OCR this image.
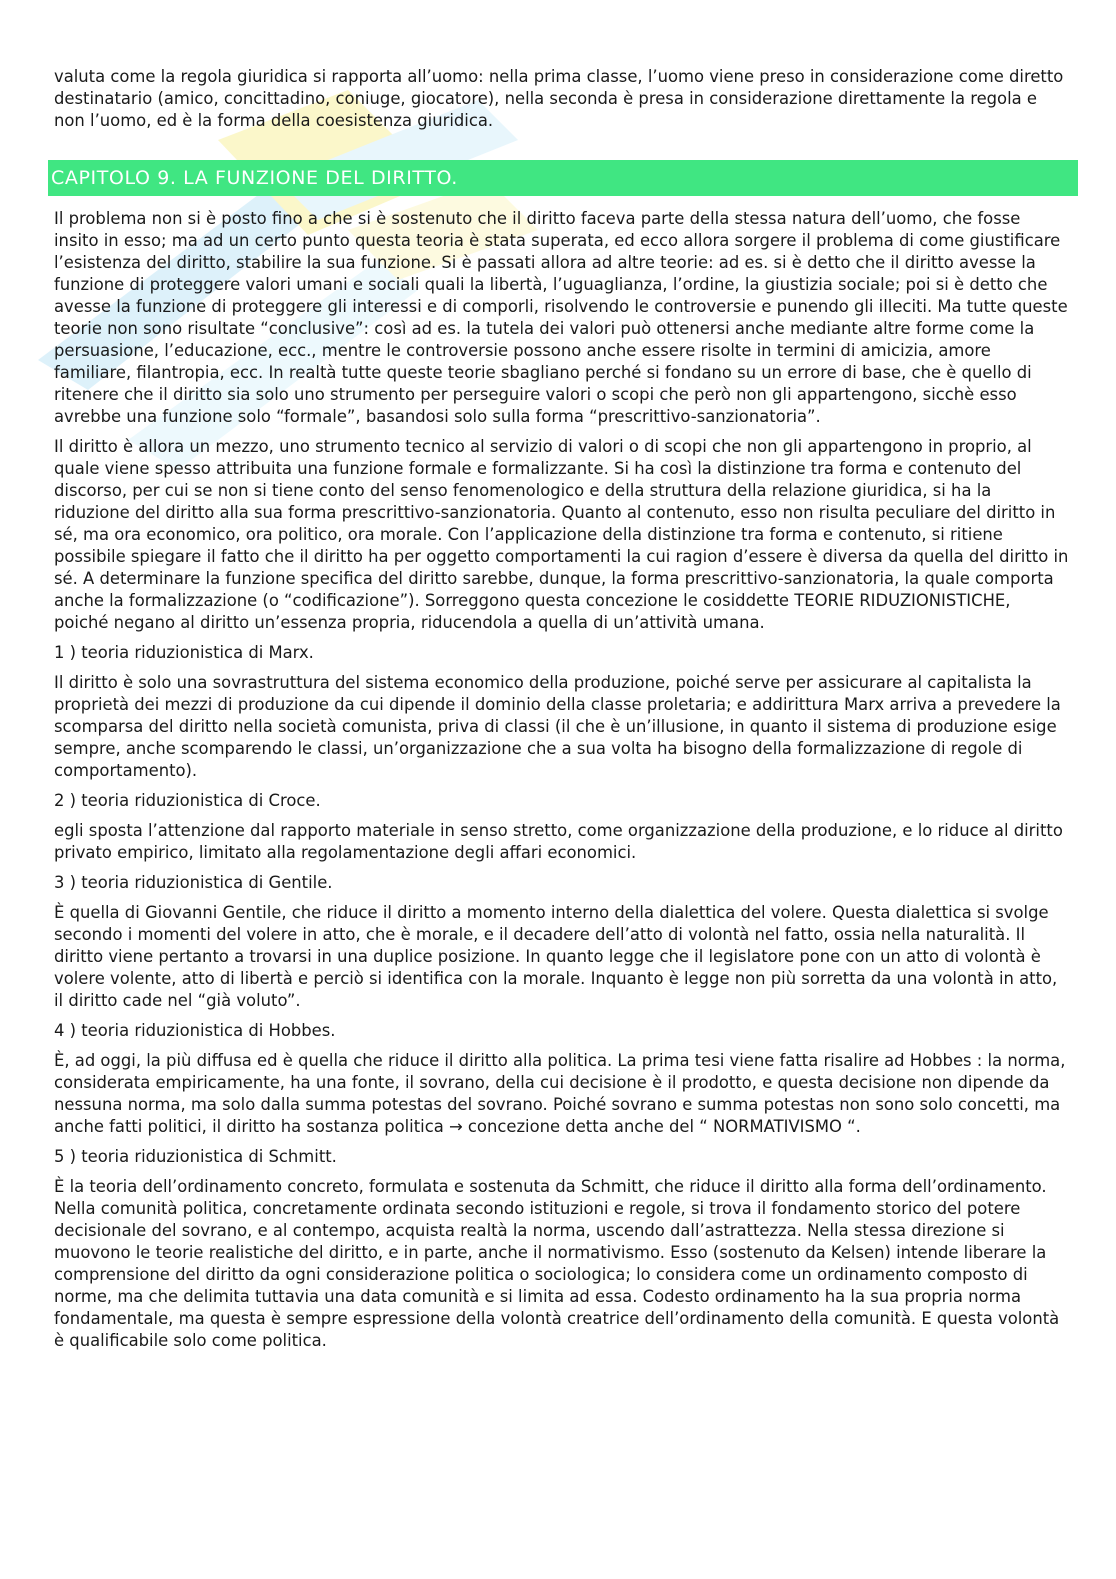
valuta come la regola giuridica si rapporta all’uomo: nella prima classe, l’uomo viene preso in considerazione come diretto destinatario (amico, concittadino, coniuge, giocatore), nella seconda è presa in considerazione direttamente la regola e non l’uomo, ed è la forma della coesistenza giuridica.

CAPITOLO 9. LA FUNZIONE DEL DIRITTO.

Il problema non si è posto fino a che si è sostenuto che il diritto faceva parte della stessa natura dell’uomo, che fosse insito in esso; ma ad un certo punto questa teoria è stata superata, ed ecco allora sorgere il problema di come giustificare l’esistenza del diritto, stabilire la sua funzione. Si è passati allora ad altre teorie: ad es. si è detto che il diritto avesse la funzione di proteggere valori umani e sociali quali la libertà, l’uguaglianza, l’ordine, la giustizia sociale; poi si è detto che avesse la funzione di proteggere gli interessi e di comporli, risolvendo le controversie e punendo gli illeciti. Ma tutte queste teorie non sono risultate “conclusive”: così ad es. la tutela dei valori può ottenersi anche mediante altre forme come la persuasione, l’educazione, ecc., mentre le controversie possono anche essere risolte in termini di amicizia, amore familiare, filantropia, ecc. In realtà tutte queste teorie sbagliano perché si fondano su un errore di base, che è quello di ritenere che il diritto sia solo uno strumento per perseguire valori o scopi che però non gli appartengono, sicchè esso avrebbe una funzione solo “formale”, basandosi solo sulla forma “prescrittivo-sanzionatoria”.

Il diritto è allora un mezzo, uno strumento tecnico al servizio di valori o di scopi che non gli appartengono in proprio, al quale viene spesso attribuita una funzione formale e formalizzante. Si ha così la distinzione tra forma e contenuto del discorso, per cui se non si tiene conto del senso fenomenologico e della struttura della relazione giuridica, si ha la riduzione del diritto alla sua forma prescrittivo-sanzionatoria. Quanto al contenuto, esso non risulta peculiare del diritto in sé, ma ora economico, ora politico, ora morale. Con l’applicazione della distinzione tra forma e contenuto, si ritiene possibile spiegare il fatto che il diritto ha per oggetto comportamenti la cui ragion d’essere è diversa da quella del diritto in sé. A determinare la funzione specifica del diritto sarebbe, dunque, la forma prescrittivo-sanzionatoria, la quale comporta anche la formalizzazione (o “codificazione”). Sorreggono questa concezione le cosiddette TEORIE RIDUZIONISTICHE, poiché negano al diritto un’essenza propria, riducendola a quella di un’attività umana.

1 ) teoria riduzionistica di Marx.

Il diritto è solo una sovrastruttura del sistema economico della produzione, poiché serve per assicurare al capitalista la proprietà dei mezzi di produzione da cui dipende il dominio della classe proletaria; e addirittura Marx arriva a prevedere la scomparsa del diritto nella società comunista, priva di classi (il che è un’illusione, in quanto il sistema di produzione esige sempre, anche scomparendo le classi, un’organizzazione che a sua volta ha bisogno della formalizzazione di regole di comportamento).

2 ) teoria riduzionistica di Croce.

egli sposta l’attenzione dal rapporto materiale in senso stretto, come organizzazione della produzione, e lo riduce al diritto privato empirico, limitato alla regolamentazione degli affari economici.

3 ) teoria riduzionistica di Gentile.

È quella di Giovanni Gentile, che riduce il diritto a momento interno della dialettica del volere. Questa dialettica si svolge secondo i momenti del volere in atto, che è morale, e il decadere dell’atto di volontà nel fatto, ossia nella naturalità. Il diritto viene pertanto a trovarsi in una duplice posizione. In quanto legge che il legislatore pone con un atto di volontà è volere volente, atto di libertà e perciò si identifica con la morale. Inquanto è legge non più sorretta da una volontà in atto, il diritto cade nel “già voluto”.

4 ) teoria riduzionistica di Hobbes.

È, ad oggi, la più diffusa ed è quella che riduce il diritto alla politica. La prima tesi viene fatta risalire ad Hobbes : la norma, considerata empiricamente, ha una fonte, il sovrano, della cui decisione è il prodotto, e questa decisione non dipende da nessuna norma, ma solo dalla summa potestas del sovrano. Poiché sovrano e summa potestas non sono solo concetti, ma anche fatti politici, il diritto ha sostanza politica → concezione detta anche del “ NORMATIVISMO “.

5 ) teoria riduzionistica di Schmitt.

È la teoria dell’ordinamento concreto, formulata e sostenuta da Schmitt, che riduce il diritto alla forma dell’ordinamento. Nella comunità politica, concretamente ordinata secondo istituzioni e regole, si trova il fondamento storico del potere decisionale del sovrano, e al contempo, acquista realtà la norma, uscendo dall’astrattezza. Nella stessa direzione si muovono le teorie realistiche del diritto, e in parte, anche il normativismo. Esso (sostenuto da Kelsen) intende liberare la comprensione del diritto da ogni considerazione politica o sociologica; lo considera come un ordinamento composto di norme, ma che delimita tuttavia una data comunità e si limita ad essa. Codesto ordinamento ha la sua propria norma fondamentale, ma questa è sempre espressione della volontà creatrice dell’ordinamento della comunità. E questa volontà è qualificabile solo come politica.
